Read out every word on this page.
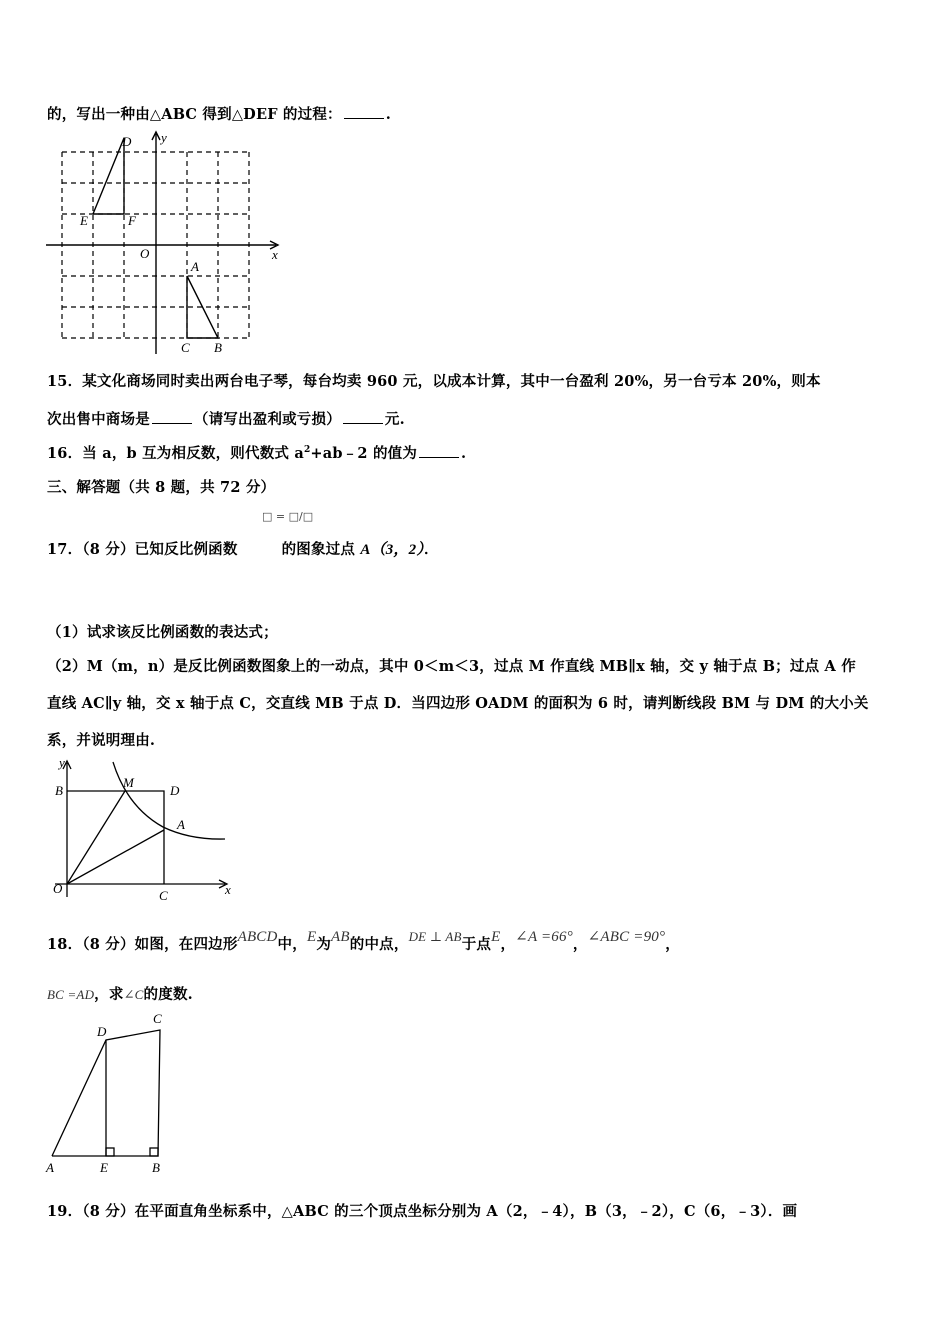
的，写出一种由△ABC 得到△DEF 的过程：	.
D y
E	F
O	x
A
C B
15．某文化商场同时卖出两台电子琴，每台均卖 960 元，以成本计算，其中一台盈利 20%，另一台亏本 20%，则本
次出售中商场是	（请写出盈利或亏损）	元.
16．当 a，b 互为相反数，则代数式 $a^2+ab﹣2$ 的值为	.
三、解答题（共 8 题，共 72 分）
□ = □/□
17．（8 分）已知反比例函数	的图象过点 A（3，2）．
（1）试求该反比例函数的表达式；
（2）M（m，n）是反比例函数图象上的一动点，其中 0＜m＜3，过点 M 作直线 MB∥x 轴，交 y 轴于点 B；过点 A 作
直线 AC∥y 轴，交 x 轴于点 C，交直线 MB 于点 D．当四边形 OADM 的面积为 6 时，请判断线段 BM 与 DM 的大小关
系，并说明理由.
y
B
M
D
A
O	C	x
18．（8 分）如图，在四边形ABCD中，E为AB的中点，DE ⊥ AB于点E，∠A =66°，∠ABC =90°，
BC =AD，求∠C的度数.
D
C
A	E	B
19．（8 分）在平面直角坐标系中，△ABC 的三个顶点坐标分别为 A（2，﹣4），B（3，﹣2），C（6，﹣3）．画
